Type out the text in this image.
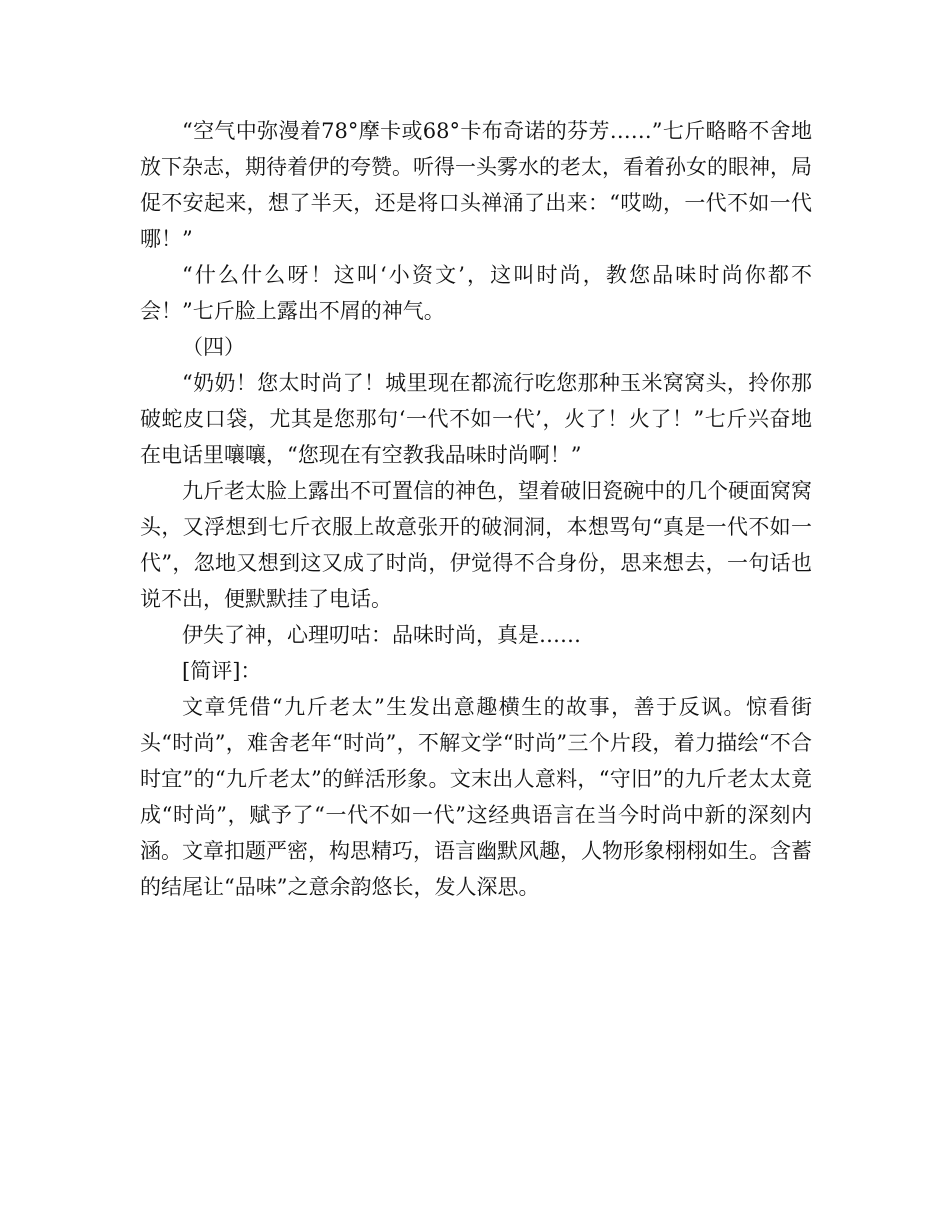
“空气中弥漫着78°摩卡或68°卡布奇诺的芬芳……”七斤略略不舍地放下杂志，期待着伊的夸赞。听得一头雾水的老太，看着孙女的眼神，局促不安起来，想了半天，还是将口头禅涌了出来：“哎呦，一代不如一代哪！”

“什么什么呀！这叫‘小资文’，这叫时尚，教您品味时尚你都不会！”七斤脸上露出不屑的神气。

（四）

“奶奶！您太时尚了！城里现在都流行吃您那种玉米窝窝头，拎你那破蛇皮口袋，尤其是您那句‘一代不如一代’，火了！火了！”七斤兴奋地在电话里嚷嚷，“您现在有空教我品味时尚啊！”

九斤老太脸上露出不可置信的神色，望着破旧瓷碗中的几个硬面窝窝头，又浮想到七斤衣服上故意张开的破洞洞，本想骂句“真是一代不如一代”，忽地又想到这又成了时尚，伊觉得不合身份，思来想去，一句话也说不出，便默默挂了电话。

伊失了神，心理叨咕：品味时尚，真是……

[简评]：

文章凭借“九斤老太”生发出意趣横生的故事，善于反讽。惊看街头“时尚”，难舍老年“时尚”，不解文学“时尚”三个片段，着力描绘“不合时宜”的“九斤老太”的鲜活形象。文末出人意料，“守旧”的九斤老太太竟成“时尚”，赋予了“一代不如一代”这经典语言在当今时尚中新的深刻内涵。文章扣题严密，构思精巧，语言幽默风趣，人物形象栩栩如生。含蓄的结尾让“品味”之意余韵悠长，发人深思。
